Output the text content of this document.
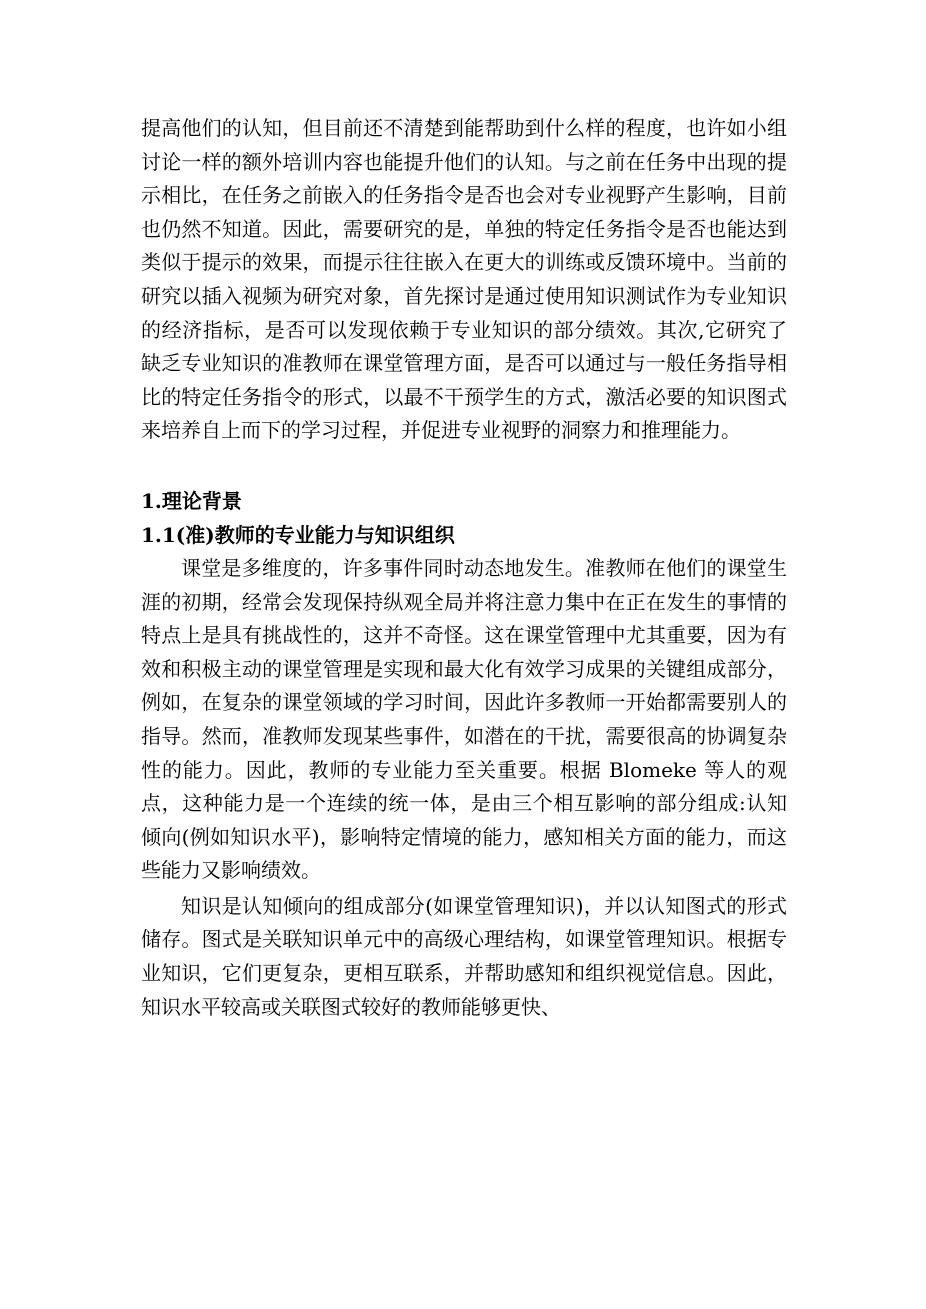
提高他们的认知，但目前还不清楚到能帮助到什么样的程度，也许如小组讨论一样的额外培训内容也能提升他们的认知。与之前在任务中出现的提示相比，在任务之前嵌入的任务指令是否也会对专业视野产生影响，目前也仍然不知道。因此，需要研究的是，单独的特定任务指令是否也能达到类似于提示的效果，而提示往往嵌入在更大的训练或反馈环境中。当前的研究以插入视频为研究对象，首先探讨是通过使用知识测试作为专业知识的经济指标，是否可以发现依赖于专业知识的部分绩效。其次,它研究了缺乏专业知识的准教师在课堂管理方面，是否可以通过与一般任务指导相比的特定任务指令的形式，以最不干预学生的方式，激活必要的知识图式来培养自上而下的学习过程，并促进专业视野的洞察力和推理能力。

1.理论背景
1.1(准)教师的专业能力与知识组织

课堂是多维度的，许多事件同时动态地发生。准教师在他们的课堂生涯的初期，经常会发现保持纵观全局并将注意力集中在正在发生的事情的特点上是具有挑战性的，这并不奇怪。这在课堂管理中尤其重要，因为有效和积极主动的课堂管理是实现和最大化有效学习成果的关键组成部分，例如，在复杂的课堂领域的学习时间，因此许多教师一开始都需要别人的指导。然而，准教师发现某些事件，如潜在的干扰，需要很高的协调复杂性的能力。因此，教师的专业能力至关重要。根据 Blomeke 等人的观点，这种能力是一个连续的统一体，是由三个相互影响的部分组成:认知倾向(例如知识水平)，影响特定情境的能力，感知相关方面的能力，而这些能力又影响绩效。

知识是认知倾向的组成部分(如课堂管理知识)，并以认知图式的形式储存。图式是关联知识单元中的高级心理结构，如课堂管理知识。根据专业知识，它们更复杂，更相互联系，并帮助感知和组织视觉信息。因此，知识水平较高或关联图式较好的教师能够更快、
